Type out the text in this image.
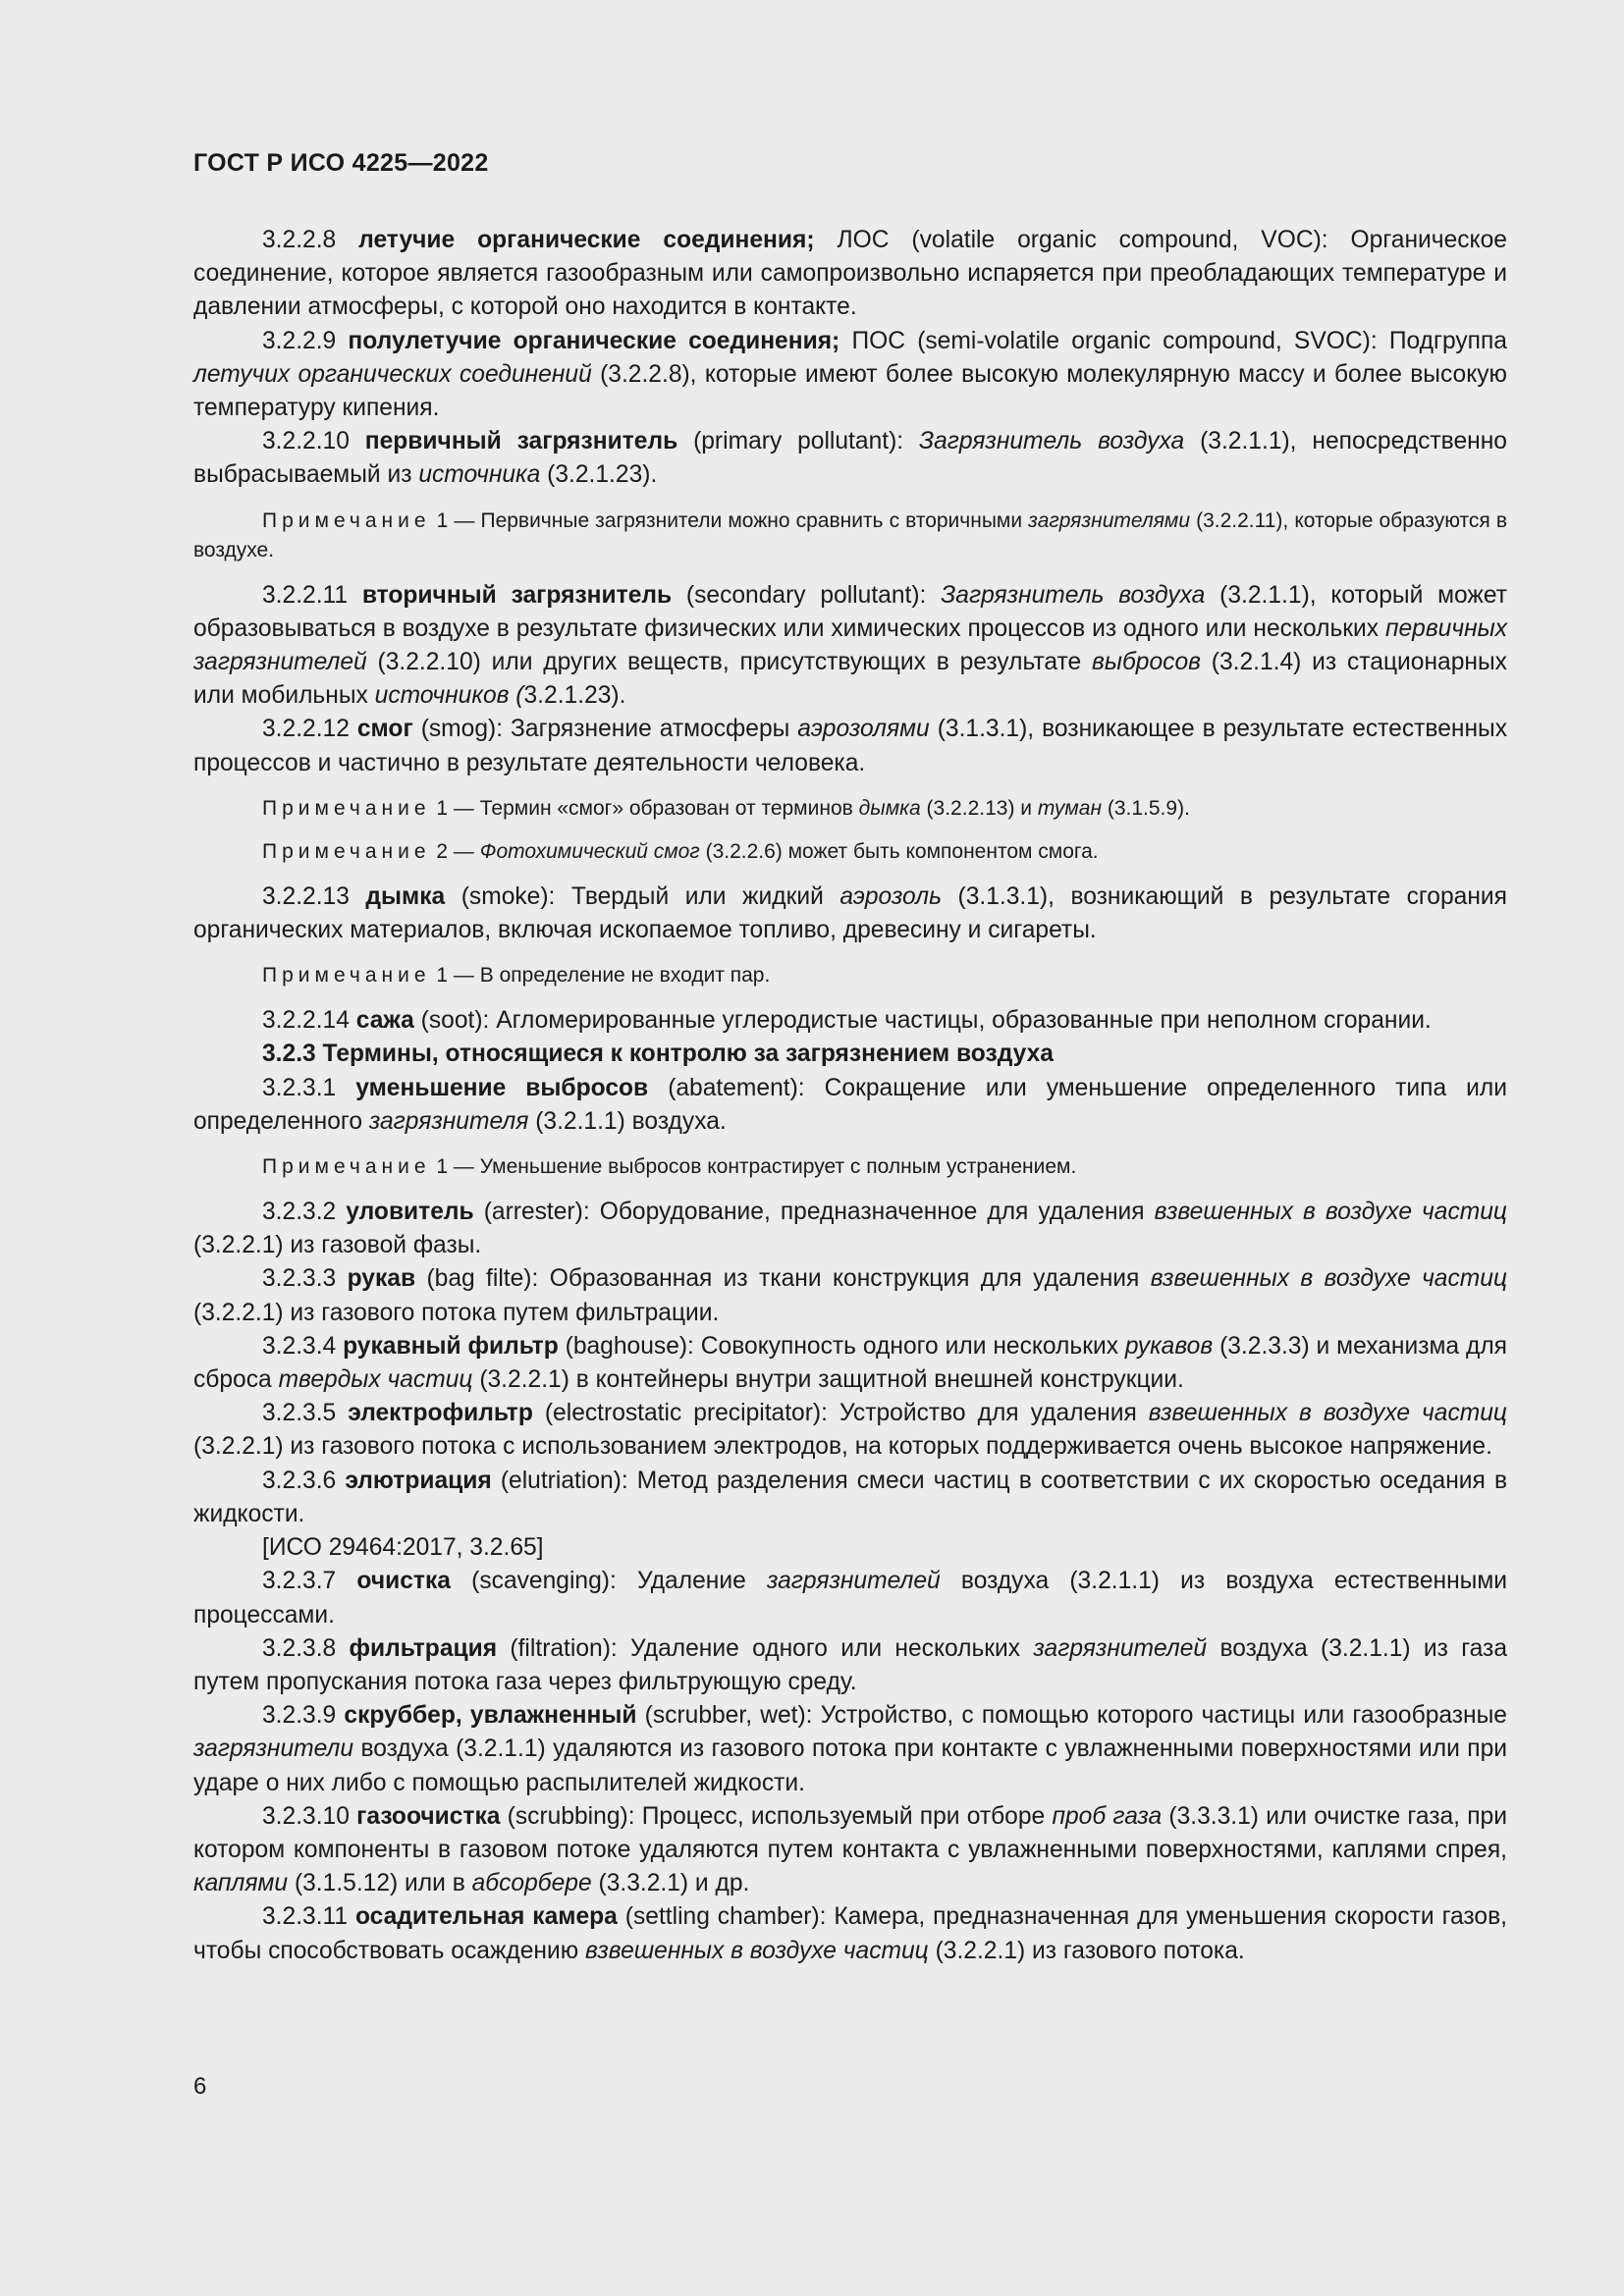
ГОСТ Р ИСО 4225—2022

3.2.2.8 летучие органические соединения; ЛОС (volatile organic compound, VOC): Органическое соединение, которое является газообразным или самопроизвольно испаряется при преобладающих температуре и давлении атмосферы, с которой оно находится в контакте.

3.2.2.9 полулетучие органические соединения; ПОС (semi-volatile organic compound, SVOC): Подгруппа летучих органических соединений (3.2.2.8), которые имеют более высокую молекулярную массу и более высокую температуру кипения.

3.2.2.10 первичный загрязнитель (primary pollutant): Загрязнитель воздуха (3.2.1.1), непосредственно выбрасываемый из источника (3.2.1.23).

Примечание 1 — Первичные загрязнители можно сравнить с вторичными загрязнителями (3.2.2.11), которые образуются в воздухе.

3.2.2.11 вторичный загрязнитель (secondary pollutant): Загрязнитель воздуха (3.2.1.1), который может образовываться в воздухе в результате физических или химических процессов из одного или нескольких первичных загрязнителей (3.2.2.10) или других веществ, присутствующих в результате выбросов (3.2.1.4) из стационарных или мобильных источников (3.2.1.23).

3.2.2.12 смог (smog): Загрязнение атмосферы аэрозолями (3.1.3.1), возникающее в результате естественных процессов и частично в результате деятельности человека.

Примечание 1 — Термин «смог» образован от терминов дымка (3.2.2.13) и туман (3.1.5.9).

Примечание 2 — Фотохимический смог (3.2.2.6) может быть компонентом смога.

3.2.2.13 дымка (smoke): Твердый или жидкий аэрозоль (3.1.3.1), возникающий в результате сгорания органических материалов, включая ископаемое топливо, древесину и сигареты.

Примечание 1 — В определение не входит пар.

3.2.2.14 сажа (soot): Агломерированные углеродистые частицы, образованные при неполном сгорании.

3.2.3 Термины, относящиеся к контролю за загрязнением воздуха

3.2.3.1 уменьшение выбросов (abatement): Сокращение или уменьшение определенного типа или определенного загрязнителя (3.2.1.1) воздуха.

Примечание 1 — Уменьшение выбросов контрастирует с полным устранением.

3.2.3.2 уловитель (arrester): Оборудование, предназначенное для удаления взвешенных в воздухе частиц (3.2.2.1) из газовой фазы.

3.2.3.3 рукав (bag filte): Образованная из ткани конструкция для удаления взвешенных в воздухе частиц (3.2.2.1) из газового потока путем фильтрации.

3.2.3.4 рукавный фильтр (baghouse): Совокупность одного или нескольких рукавов (3.2.3.3) и механизма для сброса твердых частиц (3.2.2.1) в контейнеры внутри защитной внешней конструкции.

3.2.3.5 электрофильтр (electrostatic precipitator): Устройство для удаления взвешенных в воздухе частиц (3.2.2.1) из газового потока с использованием электродов, на которых поддерживается очень высокое напряжение.

3.2.3.6 элютриация (elutriation): Метод разделения смеси частиц в соответствии с их скоростью оседания в жидкости.

[ИСО 29464:2017, 3.2.65]

3.2.3.7 очистка (scavenging): Удаление загрязнителей воздуха (3.2.1.1) из воздуха естественными процессами.

3.2.3.8 фильтрация (filtration): Удаление одного или нескольких загрязнителей воздуха (3.2.1.1) из газа путем пропускания потока газа через фильтрующую среду.

3.2.3.9 скруббер, увлажненный (scrubber, wet): Устройство, с помощью которого частицы или газообразные загрязнители воздуха (3.2.1.1) удаляются из газового потока при контакте с увлажненными поверхностями или при ударе о них либо с помощью распылителей жидкости.

3.2.3.10 газоочистка (scrubbing): Процесс, используемый при отборе проб газа (3.3.3.1) или очистке газа, при котором компоненты в газовом потоке удаляются путем контакта с увлажненными поверхностями, каплями спрея, каплями (3.1.5.12) или в абсорбере (3.3.2.1) и др.

3.2.3.11 осадительная камера (settling chamber): Камера, предназначенная для уменьшения скорости газов, чтобы способствовать осаждению взвешенных в воздухе частиц (3.2.2.1) из газового потока.

6
